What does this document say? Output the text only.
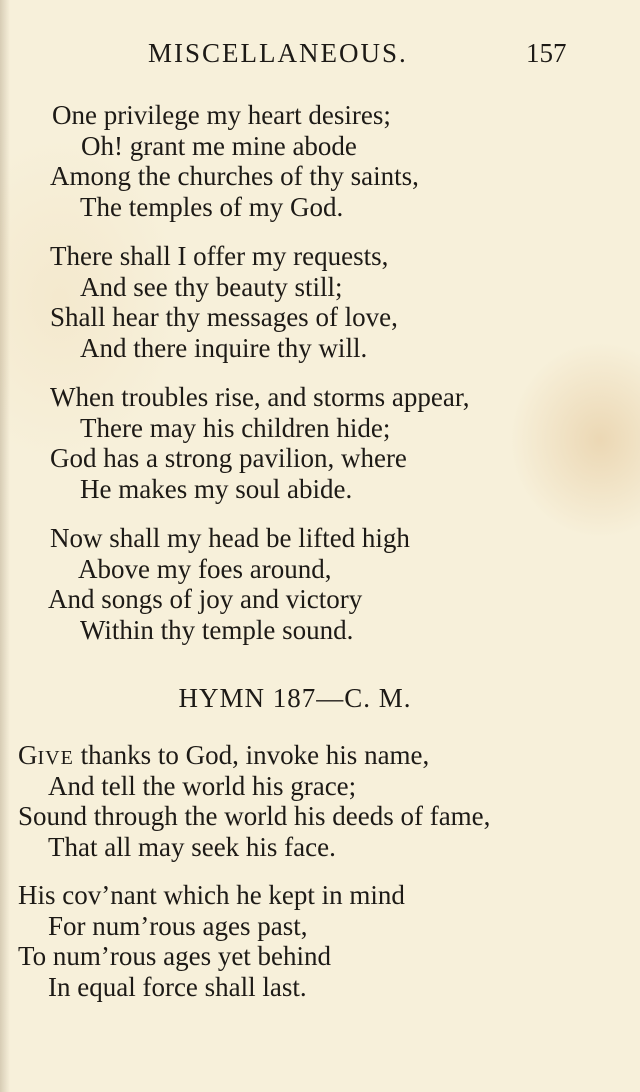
MISCELLANEOUS.	157
One privilege my heart desires;
Oh! grant me mine abode
Among the churches of thy saints,
The temples of my God.
There shall I offer my requests,
And see thy beauty still;
Shall hear thy messages of love,
And there inquire thy will.
When troubles rise, and storms appear,
There may his children hide;
God has a strong pavilion, where
He makes my soul abide.
Now shall my head be lifted high
Above my foes around,
And songs of joy and victory
Within thy temple sound.
HYMN 187—C. M.
GIVE thanks to God, invoke his name,
And tell the world his grace;
Sound through the world his deeds of fame,
That all may seek his face.
His cov’nant which he kept in mind
For num’rous ages past,
To num’rous ages yet behind
In equal force shall last.
